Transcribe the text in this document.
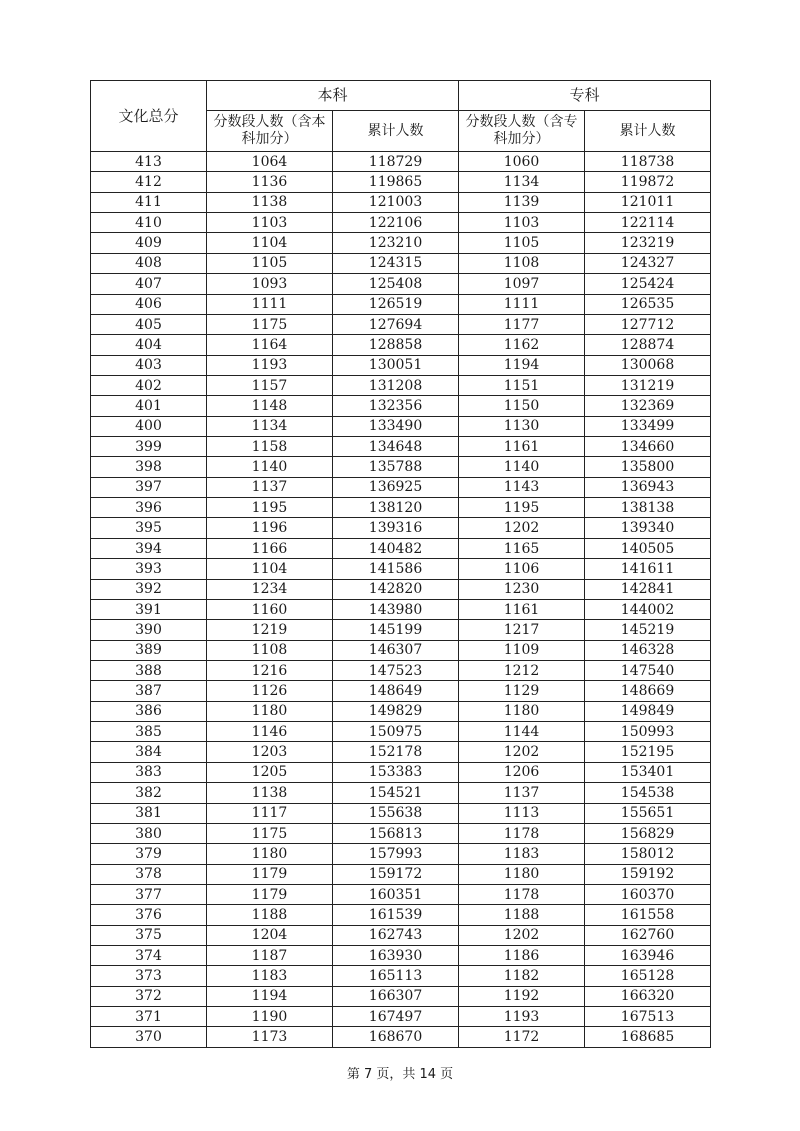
文化总分	本科		专科	
	分数段人数（含本科加分）	累计人数	分数段人数（含专科加分）	累计人数
413	1064	118729	1060	118738
412	1136	119865	1134	119872
411	1138	121003	1139	121011
410	1103	122106	1103	122114
409	1104	123210	1105	123219
408	1105	124315	1108	124327
407	1093	125408	1097	125424
406	1111	126519	1111	126535
405	1175	127694	1177	127712
404	1164	128858	1162	128874
403	1193	130051	1194	130068
402	1157	131208	1151	131219
401	1148	132356	1150	132369
400	1134	133490	1130	133499
399	1158	134648	1161	134660
398	1140	135788	1140	135800
397	1137	136925	1143	136943
396	1195	138120	1195	138138
395	1196	139316	1202	139340
394	1166	140482	1165	140505
393	1104	141586	1106	141611
392	1234	142820	1230	142841
391	1160	143980	1161	144002
390	1219	145199	1217	145219
389	1108	146307	1109	146328
388	1216	147523	1212	147540
387	1126	148649	1129	148669
386	1180	149829	1180	149849
385	1146	150975	1144	150993
384	1203	152178	1202	152195
383	1205	153383	1206	153401
382	1138	154521	1137	154538
381	1117	155638	1113	155651
380	1175	156813	1178	156829
379	1180	157993	1183	158012
378	1179	159172	1180	159192
377	1179	160351	1178	160370
376	1188	161539	1188	161558
375	1204	162743	1202	162760
374	1187	163930	1186	163946
373	1183	165113	1182	165128
372	1194	166307	1192	166320
371	1190	167497	1193	167513
370	1173	168670	1172	168685
第 7 页，共 14 页
